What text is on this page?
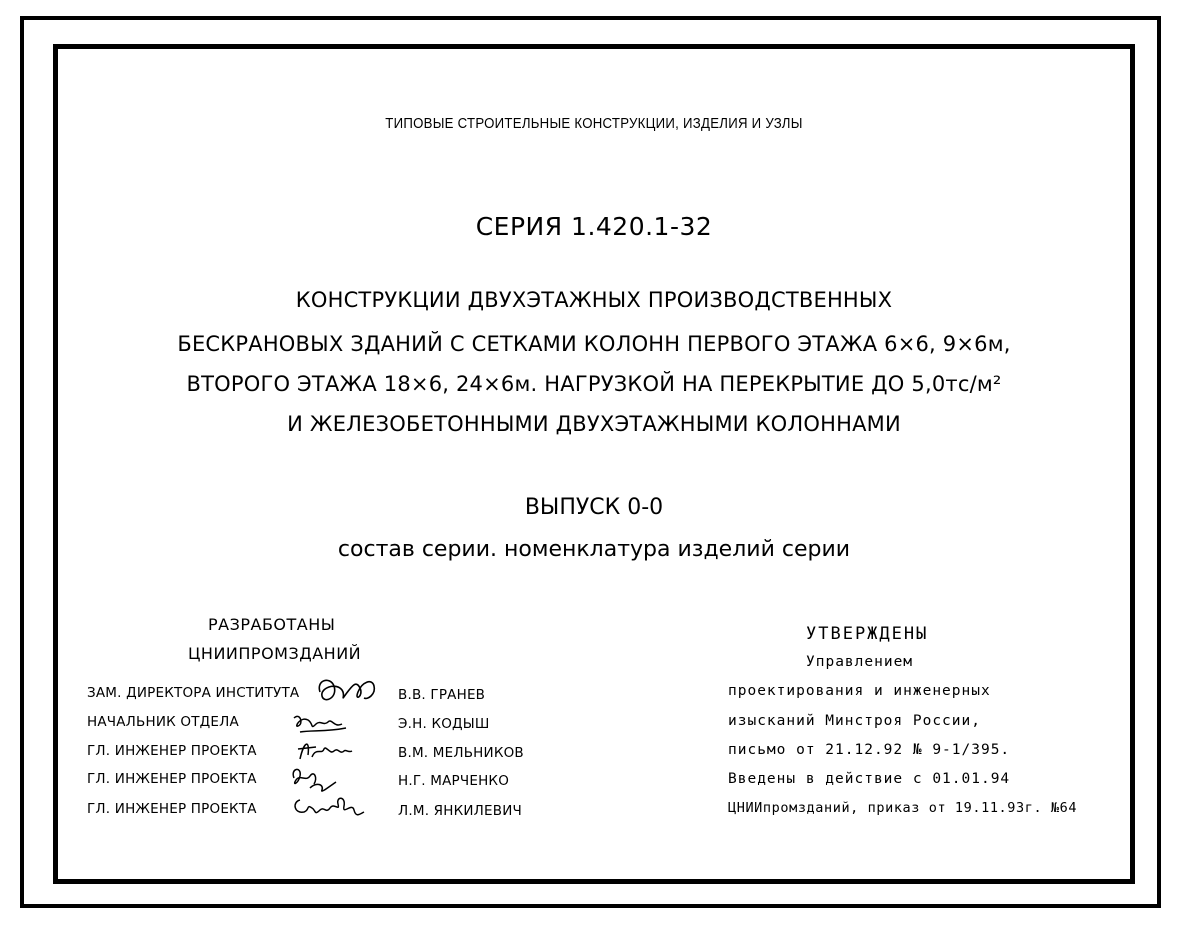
ТИПОВЫЕ СТРОИТЕЛЬНЫЕ КОНСТРУКЦИИ, ИЗДЕЛИЯ И УЗЛЫ
СЕРИЯ 1.420.1-32
КОНСТРУКЦИИ ДВУХЭТАЖНЫХ ПРОИЗВОДСТВЕННЫХ
БЕСКРАНОВЫХ ЗДАНИЙ С СЕТКАМИ КОЛОНН ПЕРВОГО ЭТАЖА 6×6, 9×6м,
ВТОРОГО ЭТАЖА 18×6, 24×6м. НАГРУЗКОЙ НА ПЕРЕКРЫТИЕ ДО 5,0тс/м²
И ЖЕЛЕЗОБЕТОННЫМИ ДВУХЭТАЖНЫМИ КОЛОННАМИ
ВЫПУСК 0-0
состав серии. номенклатура изделий серии
РАЗРАБОТАНЫ
ЦНИИПРОМЗДАНИЙ
ЗАМ. ДИРЕКТОРА ИНСТИТУТА
НАЧАЛЬНИК ОТДЕЛА
ГЛ. ИНЖЕНЕР ПРОЕКТА
ГЛ. ИНЖЕНЕР ПРОЕКТА
ГЛ. ИНЖЕНЕР ПРОЕКТА
В.В. ГРАНЕВ
Э.Н. КОДЫШ
В.М. МЕЛЬНИКОВ
Н.Г. МАРЧЕНКО
Л.М. ЯНКИЛЕВИЧ
УТВЕРЖДЕНЫ
Управлением
проектирования и инженерных
изысканий Минстроя России,
письмо от 21.12.92 № 9-1/395.
Введены в действие с 01.01.94
ЦНИИпромзданий, приказ от 19.11.93г. №64
